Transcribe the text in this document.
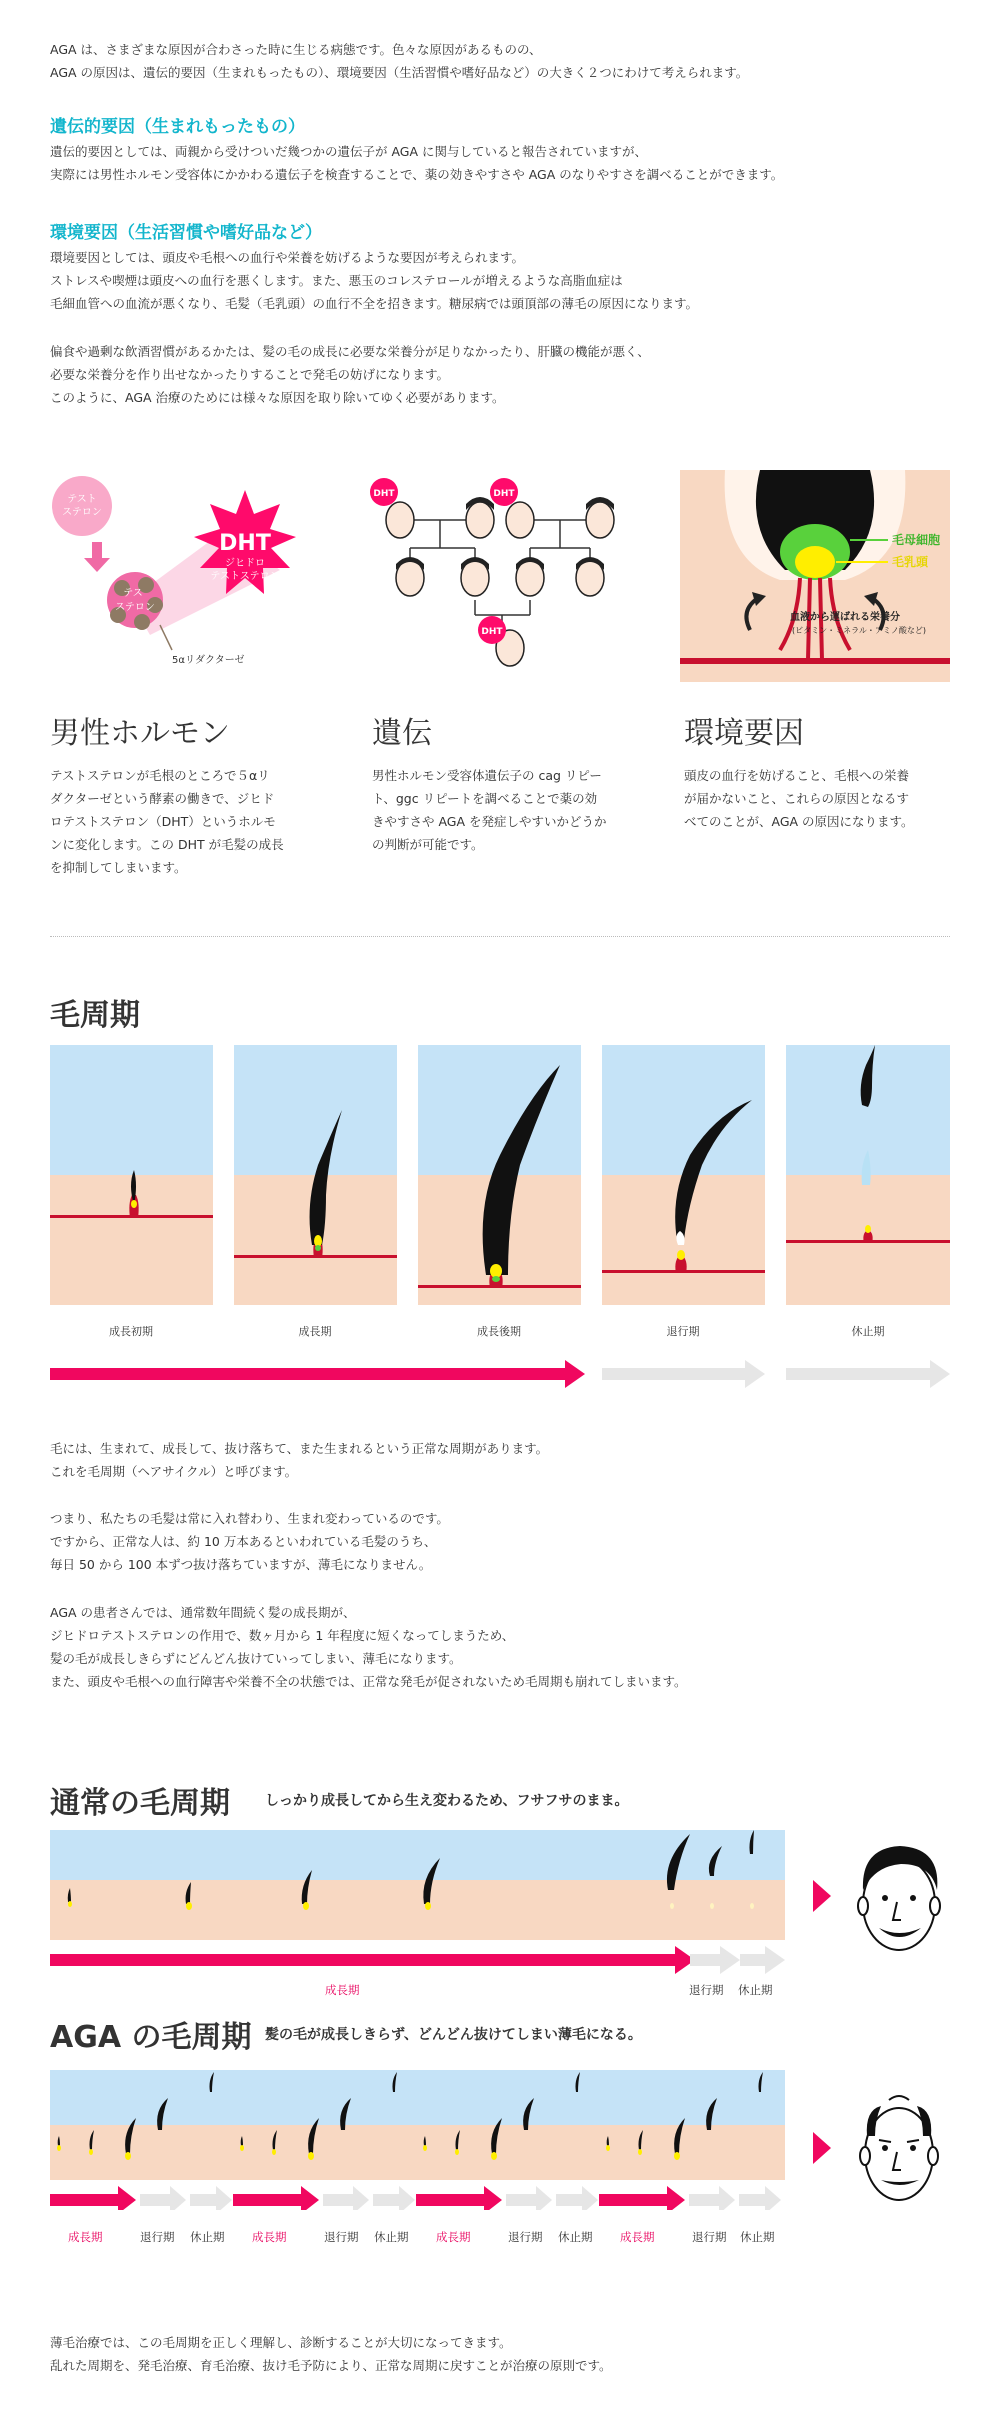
AGA は、さまざまな原因が合わさった時に生じる病態です。色々な原因があるものの、
AGA の原因は、遺伝的要因（生まれもったもの）、環境要因（生活習慣や嗜好品など）の大きく２つにわけて考えられます。

遺伝的要因（生まれもったもの）

遺伝的要因としては、両親から受けついだ幾つかの遺伝子が AGA に関与していると報告されていますが、
実際には男性ホルモン受容体にかかわる遺伝子を検査することで、薬の効きやすさや AGA のなりやすさを調べることができます。

環境要因（生活習慣や嗜好品など）

環境要因としては、頭皮や毛根への血行や栄養を妨げるような要因が考えられます。
ストレスや喫煙は頭皮への血行を悪くします。また、悪玉のコレステロールが増えるような高脂血症は
毛細血管への血流が悪くなり、毛髪（毛乳頭）の血行不全を招きます。糖尿病では頭頂部の薄毛の原因になります。

偏食や過剰な飲酒習慣があるかたは、髪の毛の成長に必要な栄養分が足りなかったり、肝臓の機能が悪く、
必要な栄養分を作り出せなかったりすることで発毛の妨げになります。
このように、AGA 治療のためには様々な原因を取り除いてゆく必要があります。

テスト
ステロン
テス
ステロン
5αリダクターゼ
DHT
ジヒドロ
テストステロン
DHT	DHT
DHT
毛母細胞
毛乳頭
血液から運ばれる栄養分
(ビタミン・ミネラル・アミノ酸など)
男性ホルモン	遺伝	環境要因

テストステロンが毛根のところで５αリ
ダクターゼという酵素の働きで、ジヒド
ロテストステロン（DHT）というホルモ
ンに変化します。この DHT が毛髪の成長
を抑制してしまいます。

男性ホルモン受容体遺伝子の cag リピー
ト、ggc リピートを調べることで薬の効
きやすさや AGA を発症しやすいかどうか
の判断が可能です。

頭皮の血行を妨げること、毛根への栄養
が届かないこと、これらの原因となるす
べてのことが、AGA の原因になります。

毛周期
成長初期	成長期	成長後期	退行期	休止期

毛には、生まれて、成長して、抜け落ちて、また生まれるという正常な周期があります。
これを毛周期（ヘアサイクル）と呼びます。

つまり、私たちの毛髪は常に入れ替わり、生まれ変わっているのです。
ですから、正常な人は、約 10 万本あるといわれている毛髪のうち、
毎日 50 から 100 本ずつ抜け落ちていますが、薄毛になりません。

AGA の患者さんでは、通常数年間続く髪の成長期が、
ジヒドロテストステロンの作用で、数ヶ月から 1 年程度に短くなってしまうため、
髪の毛が成長しきらずにどんどん抜けていってしまい、薄毛になります。
また、頭皮や毛根への血行障害や栄養不全の状態では、正常な発毛が促されないため毛周期も崩れてしまいます。

通常の毛周期	しっかり成長してから生え変わるため、フサフサのまま。
成長期	退行期 休止期
AGA の毛周期 髪の毛が成長しきらず、どんどん抜けてしまい薄毛になる。
成長期	退行期 休止期 成長期	退行期 休止期 成長期	退行期 休止期 成長期	退行期 休止期

薄毛治療では、この毛周期を正しく理解し、診断することが大切になってきます。
乱れた周期を、発毛治療、育毛治療、抜け毛予防により、正常な周期に戻すことが治療の原則です。
